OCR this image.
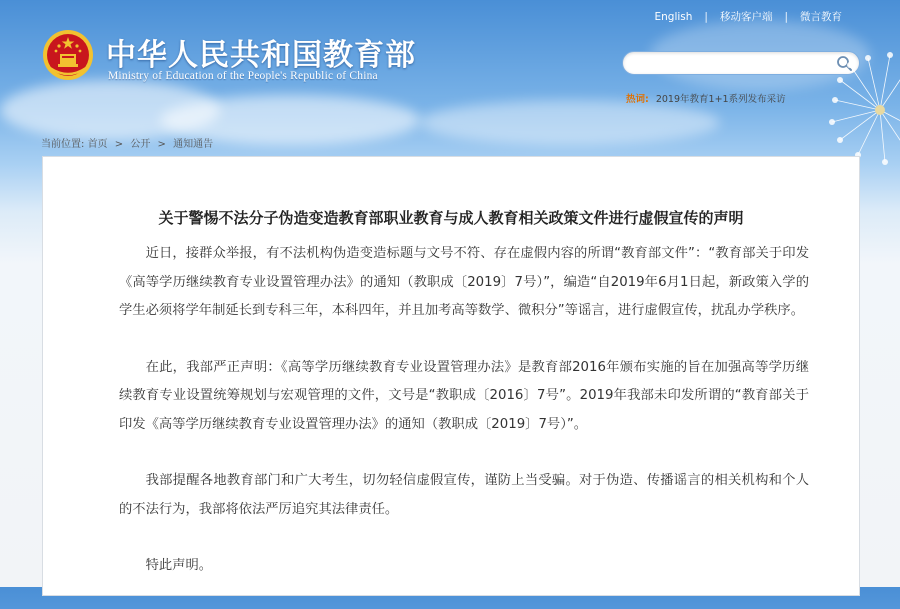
English | 移动客户端 | 微言教育
中华人民共和国教育部
Ministry of Education of the People's Republic of China
热词: 2019年教育1+1系列发布采访
当前位置: 首页 > 公开 > 通知通告
关于警惕不法分子伪造变造教育部职业教育与成人教育相关政策文件进行虚假宣传的声明

近日，接群众举报，有不法机构伪造变造标题与文号不符、存在虚假内容的所谓“教育部文件”：“教育部关于印发《高等学历继续教育专业设置管理办法》的通知（教职成〔2019〕7号）”，编造“自2019年6月1日起，新政策入学的学生必须将学年制延长到专科三年，本科四年，并且加考高等数学、微积分”等谣言，进行虚假宣传，扰乱办学秩序。

在此，我部严正声明：《高等学历继续教育专业设置管理办法》是教育部2016年颁布实施的旨在加强高等学历继续教育专业设置统筹规划与宏观管理的文件，文号是“教职成〔2016〕7号”。2019年我部未印发所谓的“教育部关于印发《高等学历继续教育专业设置管理办法》的通知（教职成〔2019〕7号）”。

我部提醒各地教育部门和广大考生，切勿轻信虚假宣传，谨防上当受骗。对于伪造、传播谣言的相关机构和个人的不法行为，我部将依法严厉追究其法律责任。

特此声明。
